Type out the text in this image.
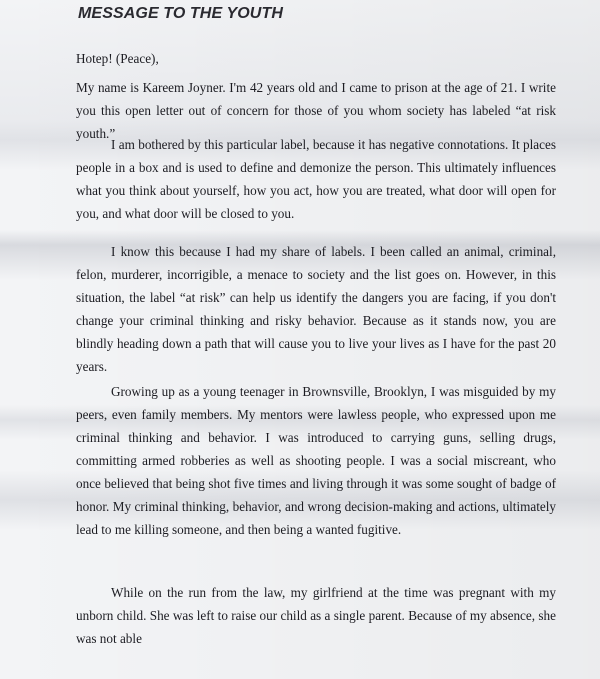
MESSAGE TO THE YOUTH

Hotep! (Peace),

My name is Kareem Joyner. I'm 42 years old and I came to prison at the age of 21. I write you this open letter out of concern for those of you whom society has labeled “at risk youth.”

I am bothered by this particular label, because it has negative connotations. It places people in a box and is used to define and demonize the person. This ultimately influences what you think about yourself, how you act, how you are treated, what door will open for you, and what door will be closed to you.

I know this because I had my share of labels. I been called an animal, criminal, felon, murderer, incorrigible, a menace to society and the list goes on. However, in this situation, the label “at risk” can help us identify the dangers you are facing, if you don't change your criminal thinking and risky behavior. Because as it stands now, you are blindly heading down a path that will cause you to live your lives as I have for the past 20 years.

Growing up as a young teenager in Brownsville, Brooklyn, I was misguided by my peers, even family members. My mentors were lawless people, who expressed upon me criminal thinking and behavior. I was introduced to carrying guns, selling drugs, committing armed robberies as well as shooting people. I was a social miscreant, who once believed that being shot five times and living through it was some sought of badge of honor. My criminal thinking, behavior, and wrong decision-making and actions, ultimately lead to me killing someone, and then being a wanted fugitive.

While on the run from the law, my girlfriend at the time was pregnant with my unborn child. She was left to raise our child as a single parent. Because of my absence, she was not able
